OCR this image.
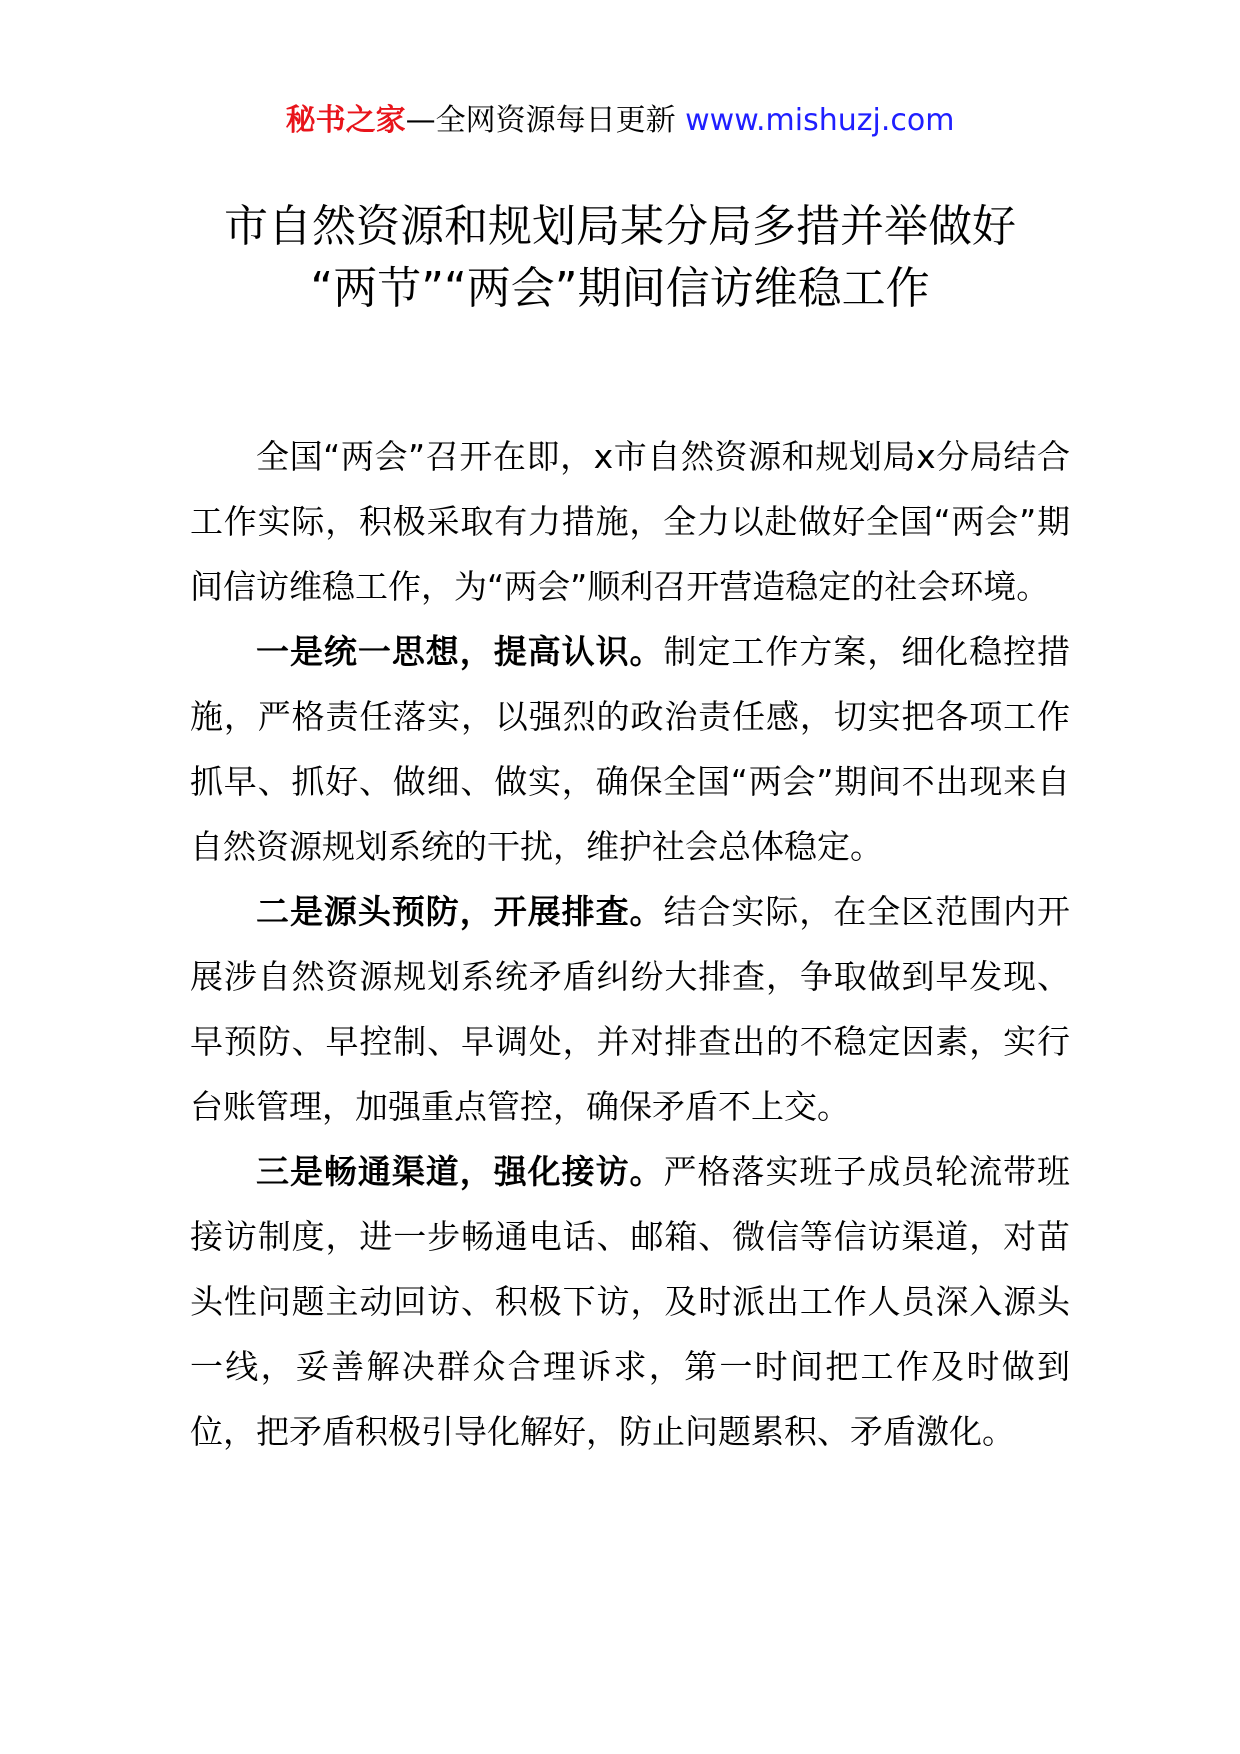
秘书之家—全网资源每日更新 www.mishuzj.com
市自然资源和规划局某分局多措并举做好
“两节”“两会”期间信访维稳工作

全国“两会”召开在即，x市自然资源和规划局x分局结合工作实际，积极采取有力措施，全力以赴做好全国“两会”期间信访维稳工作，为“两会”顺利召开营造稳定的社会环境。

一是统一思想，提高认识。制定工作方案，细化稳控措施，严格责任落实，以强烈的政治责任感，切实把各项工作抓早、抓好、做细、做实，确保全国“两会”期间不出现来自自然资源规划系统的干扰，维护社会总体稳定。

二是源头预防，开展排查。结合实际，在全区范围内开展涉自然资源规划系统矛盾纠纷大排查，争取做到早发现、早预防、早控制、早调处，并对排查出的不稳定因素，实行台账管理，加强重点管控，确保矛盾不上交。

三是畅通渠道，强化接访。严格落实班子成员轮流带班接访制度，进一步畅通电话、邮箱、微信等信访渠道，对苗头性问题主动回访、积极下访，及时派出工作人员深入源头一线，妥善解决群众合理诉求，第一时间把工作及时做到位，把矛盾积极引导化解好，防止问题累积、矛盾激化。
